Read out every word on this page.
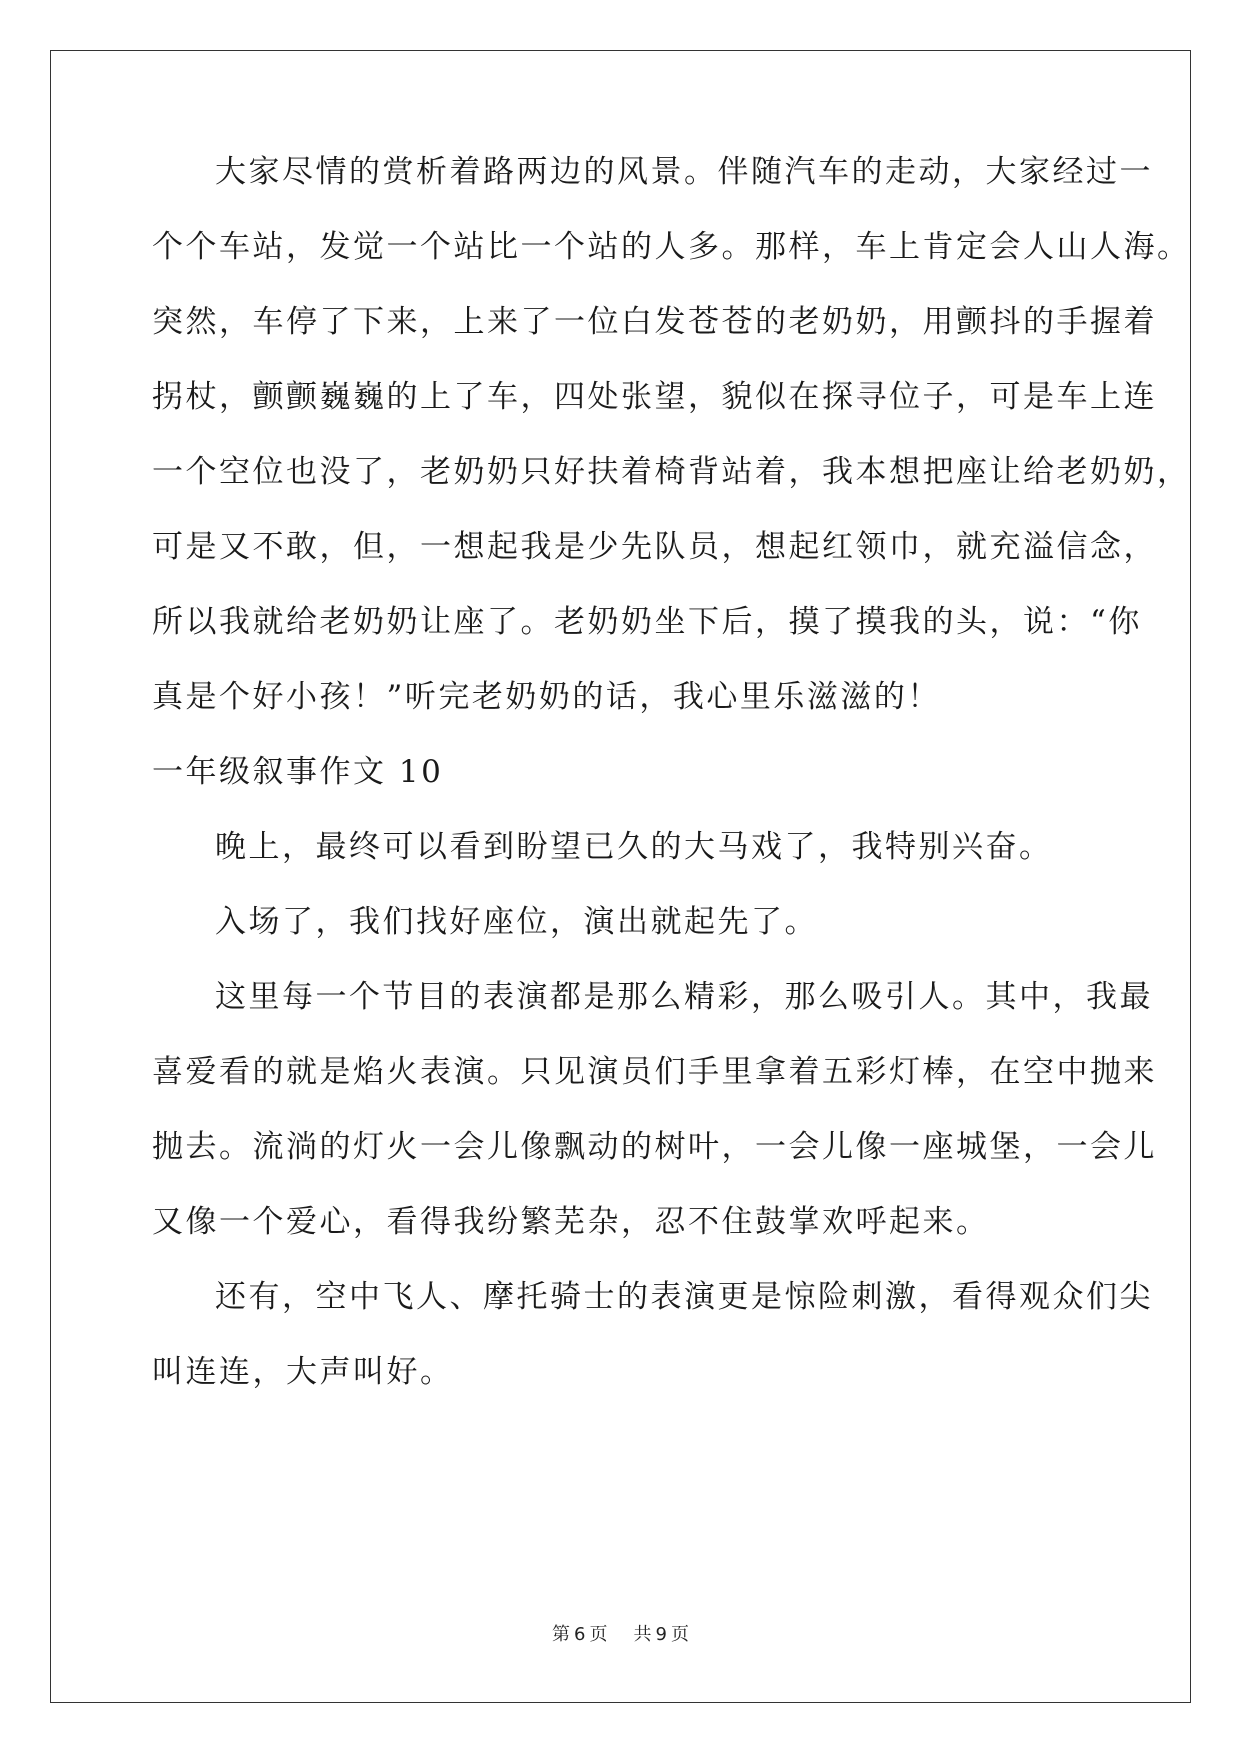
大家尽情的赏析着路两边的风景。伴随汽车的走动，大家经过一
个个车站，发觉一个站比一个站的人多。那样，车上肯定会人山人海。
突然，车停了下来，上来了一位白发苍苍的老奶奶，用颤抖的手握着
拐杖，颤颤巍巍的上了车，四处张望，貌似在探寻位子，可是车上连
一个空位也没了，老奶奶只好扶着椅背站着，我本想把座让给老奶奶，
可是又不敢，但，一想起我是少先队员，想起红领巾，就充溢信念，
所以我就给老奶奶让座了。老奶奶坐下后，摸了摸我的头，说：“你
真是个好小孩！”听完老奶奶的话，我心里乐滋滋的！
一年级叙事作文 10
晚上，最终可以看到盼望已久的大马戏了，我特别兴奋。
入场了，我们找好座位，演出就起先了。
这里每一个节目的表演都是那么精彩，那么吸引人。其中，我最
喜爱看的就是焰火表演。只见演员们手里拿着五彩灯棒，在空中抛来
抛去。流淌的灯火一会儿像飘动的树叶，一会儿像一座城堡，一会儿
又像一个爱心，看得我纷繁芜杂，忍不住鼓掌欢呼起来。
还有，空中飞人、摩托骑士的表演更是惊险刺激，看得观众们尖
叫连连，大声叫好。
第 6 页 共 9 页
